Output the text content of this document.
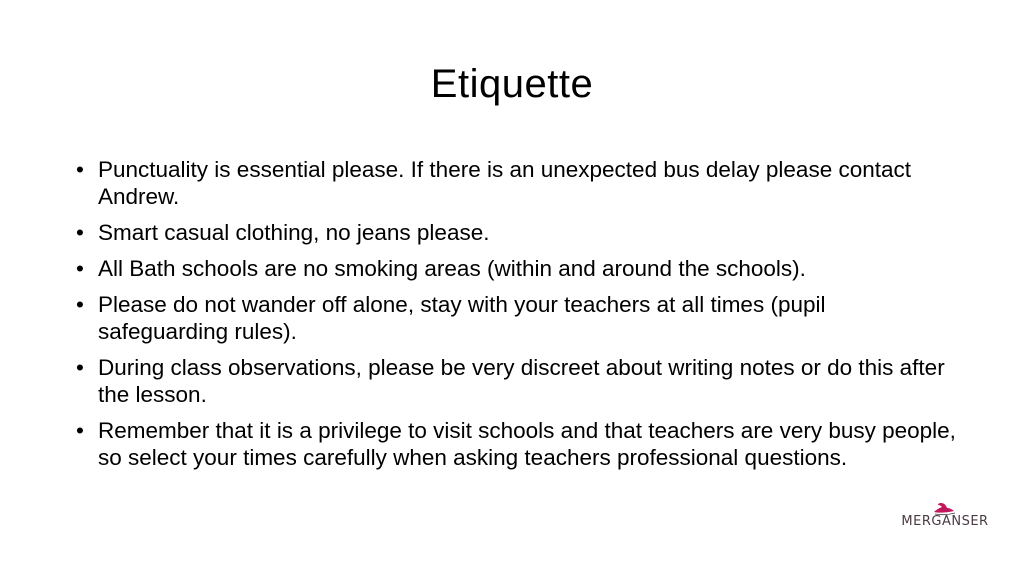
Etiquette
• Punctuality is essential please. If there is an unexpected bus delay please contact Andrew.
• Smart casual clothing, no jeans please.
• All Bath schools are no smoking areas (within and around the schools).
• Please do not wander off alone, stay with your teachers at all times (pupil safeguarding rules).
• During class observations, please be very discreet about writing notes or do this after the lesson.
• Remember that it is a privilege to visit schools and that teachers are very busy people, so select your times carefully when asking teachers professional questions.
MERGANSER
